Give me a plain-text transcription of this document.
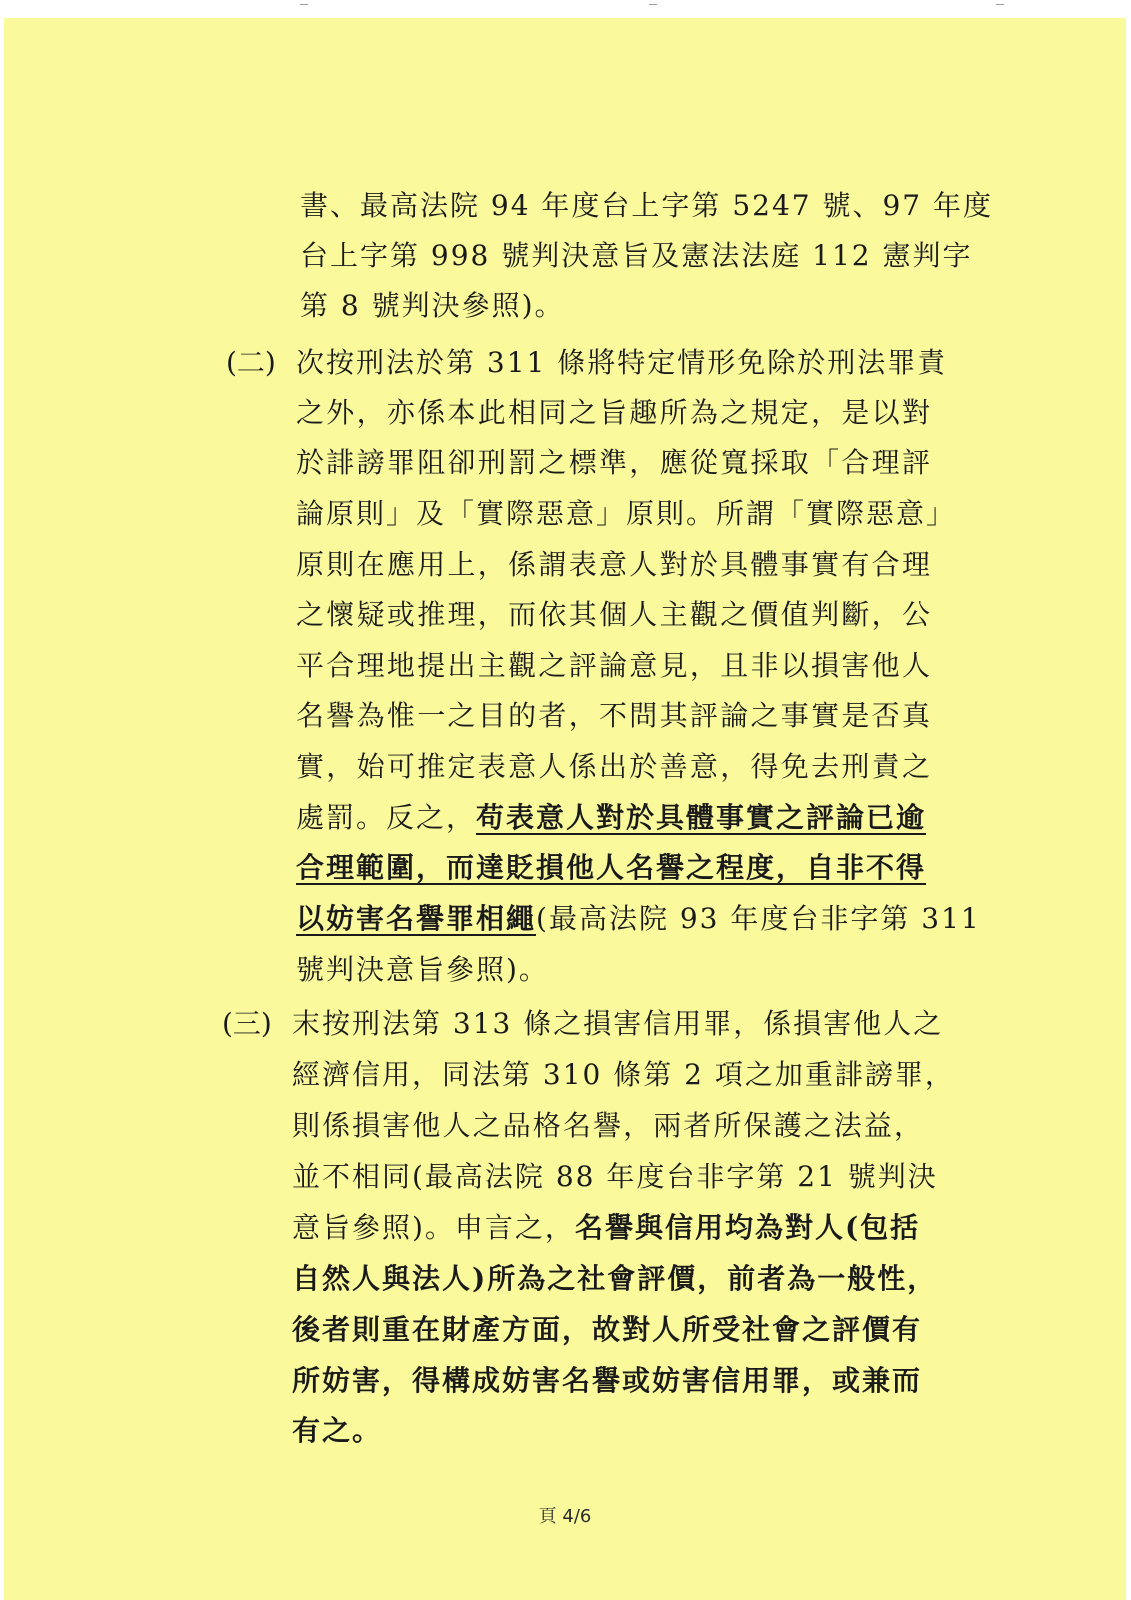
書、最高法院 94 年度台上字第 5247 號、97 年度
台上字第 998 號判決意旨及憲法法庭 112 憲判字
第 8 號判決參照)。
(二) 次按刑法於第 311 條將特定情形免除於刑法罪責
之外，亦係本此相同之旨趣所為之規定，是以對
於誹謗罪阻卻刑罰之標準，應從寬採取「合理評
論原則」及「實際惡意」原則。所謂「實際惡意」
原則在應用上，係謂表意人對於具體事實有合理
之懷疑或推理，而依其個人主觀之價值判斷，公
平合理地提出主觀之評論意見，且非以損害他人
名譽為惟一之目的者，不問其評論之事實是否真
實，始可推定表意人係出於善意，得免去刑責之
處罰。反之，苟表意人對於具體事實之評論已逾
合理範圍，而達貶損他人名譽之程度，自非不得
以妨害名譽罪相繩(最高法院 93 年度台非字第 311
號判決意旨參照)。
(三) 末按刑法第 313 條之損害信用罪，係損害他人之
經濟信用，同法第 310 條第 2 項之加重誹謗罪，
則係損害他人之品格名譽，兩者所保護之法益，
並不相同(最高法院 88 年度台非字第 21 號判決
意旨參照)。申言之，名譽與信用均為對人(包括
自然人與法人)所為之社會評價，前者為一般性，
後者則重在財產方面，故對人所受社會之評價有
所妨害，得構成妨害名譽或妨害信用罪，或兼而
有之。
頁 4/6
